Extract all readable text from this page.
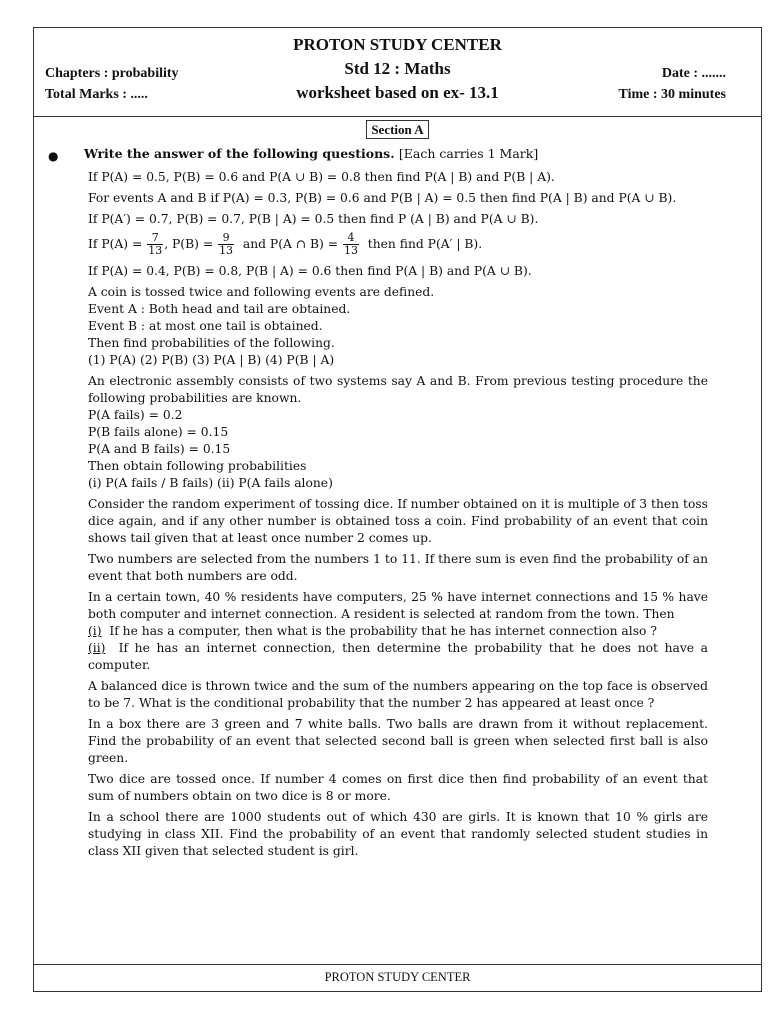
PROTON STUDY CENTER
Std 12 : Maths
worksheet based on ex- 13.1
Chapters : probability
Total Marks : .....
Date : .......
Time : 30 minutes
Section A
● Write the answer of the following questions. [Each carries 1 Mark]

If P(A) = 0.5, P(B) = 0.6 and P(A ∪ B) = 0.8 then find P(A | B) and P(B | A).

For events A and B if P(A) = 0.3, P(B) = 0.6 and P(B | A) = 0.5 then find P(A | B) and P(A ∪ B).

If P(A′) = 0.7, P(B) = 0.7, P(B | A) = 0.5 then find P (A | B) and P(A ∪ B).

If $P(A) = \frac{7}{13}$ , $P(B) = \frac{9}{13}$ and P(A ∩ $B) = \frac{4}{13}$ then find P(A′ | B).

If P(A) = 0.4, P(B) = 0.8, P(B | A) = 0.6 then find P(A | B) and P(A ∪ B).

A coin is tossed twice and following events are defined.

Event A : Both head and tail are obtained.

Event B : at most one tail is obtained.

Then find probabilities of the following.

(1) P(A) (2) P(B) (3) P(A | B) (4) P(B | A)

An electronic assembly consists of two systems say A and B. From previous testing procedure the following probabilities are known.

P(A fails) = 0.2

P(B fails alone) = 0.15

P(A and B fails) = 0.15

Then obtain following probabilities

(i) P(A fails / B fails) (ii) P(A fails alone)

Consider the random experiment of tossing dice. If number obtained on it is multiple of 3 then toss dice again, and if any other number is obtained toss a coin. Find probability of an event that coin shows tail given that at least once number 2 comes up.

Two numbers are selected from the numbers 1 to 11. If there sum is even find the probability of an event that both numbers are odd.

In a certain town, 40 % residents have computers, 25 % have internet connections and 15 % have both computer and internet connection. A resident is selected at random from the town. Then

(i) If he has a computer, then what is the probability that he has internet connection also ?

(ii) If he has an internet connection, then determine the probability that he does not have a computer.

A balanced dice is thrown twice and the sum of the numbers appearing on the top face is observed to be 7. What is the conditional probability that the number 2 has appeared at least once ?

In a box there are 3 green and 7 white balls. Two balls are drawn from it without replacement. Find the probability of an event that selected second ball is green when selected first ball is also green.

Two dice are tossed once. If number 4 comes on first dice then find probability of an event that sum of numbers obtain on two dice is 8 or more.

In a school there are 1000 students out of which 430 are girls. It is known that 10 % girls are studying in class XII. Find the probability of an event that randomly selected student studies in class XII given that selected student is girl.

PROTON STUDY CENTER
